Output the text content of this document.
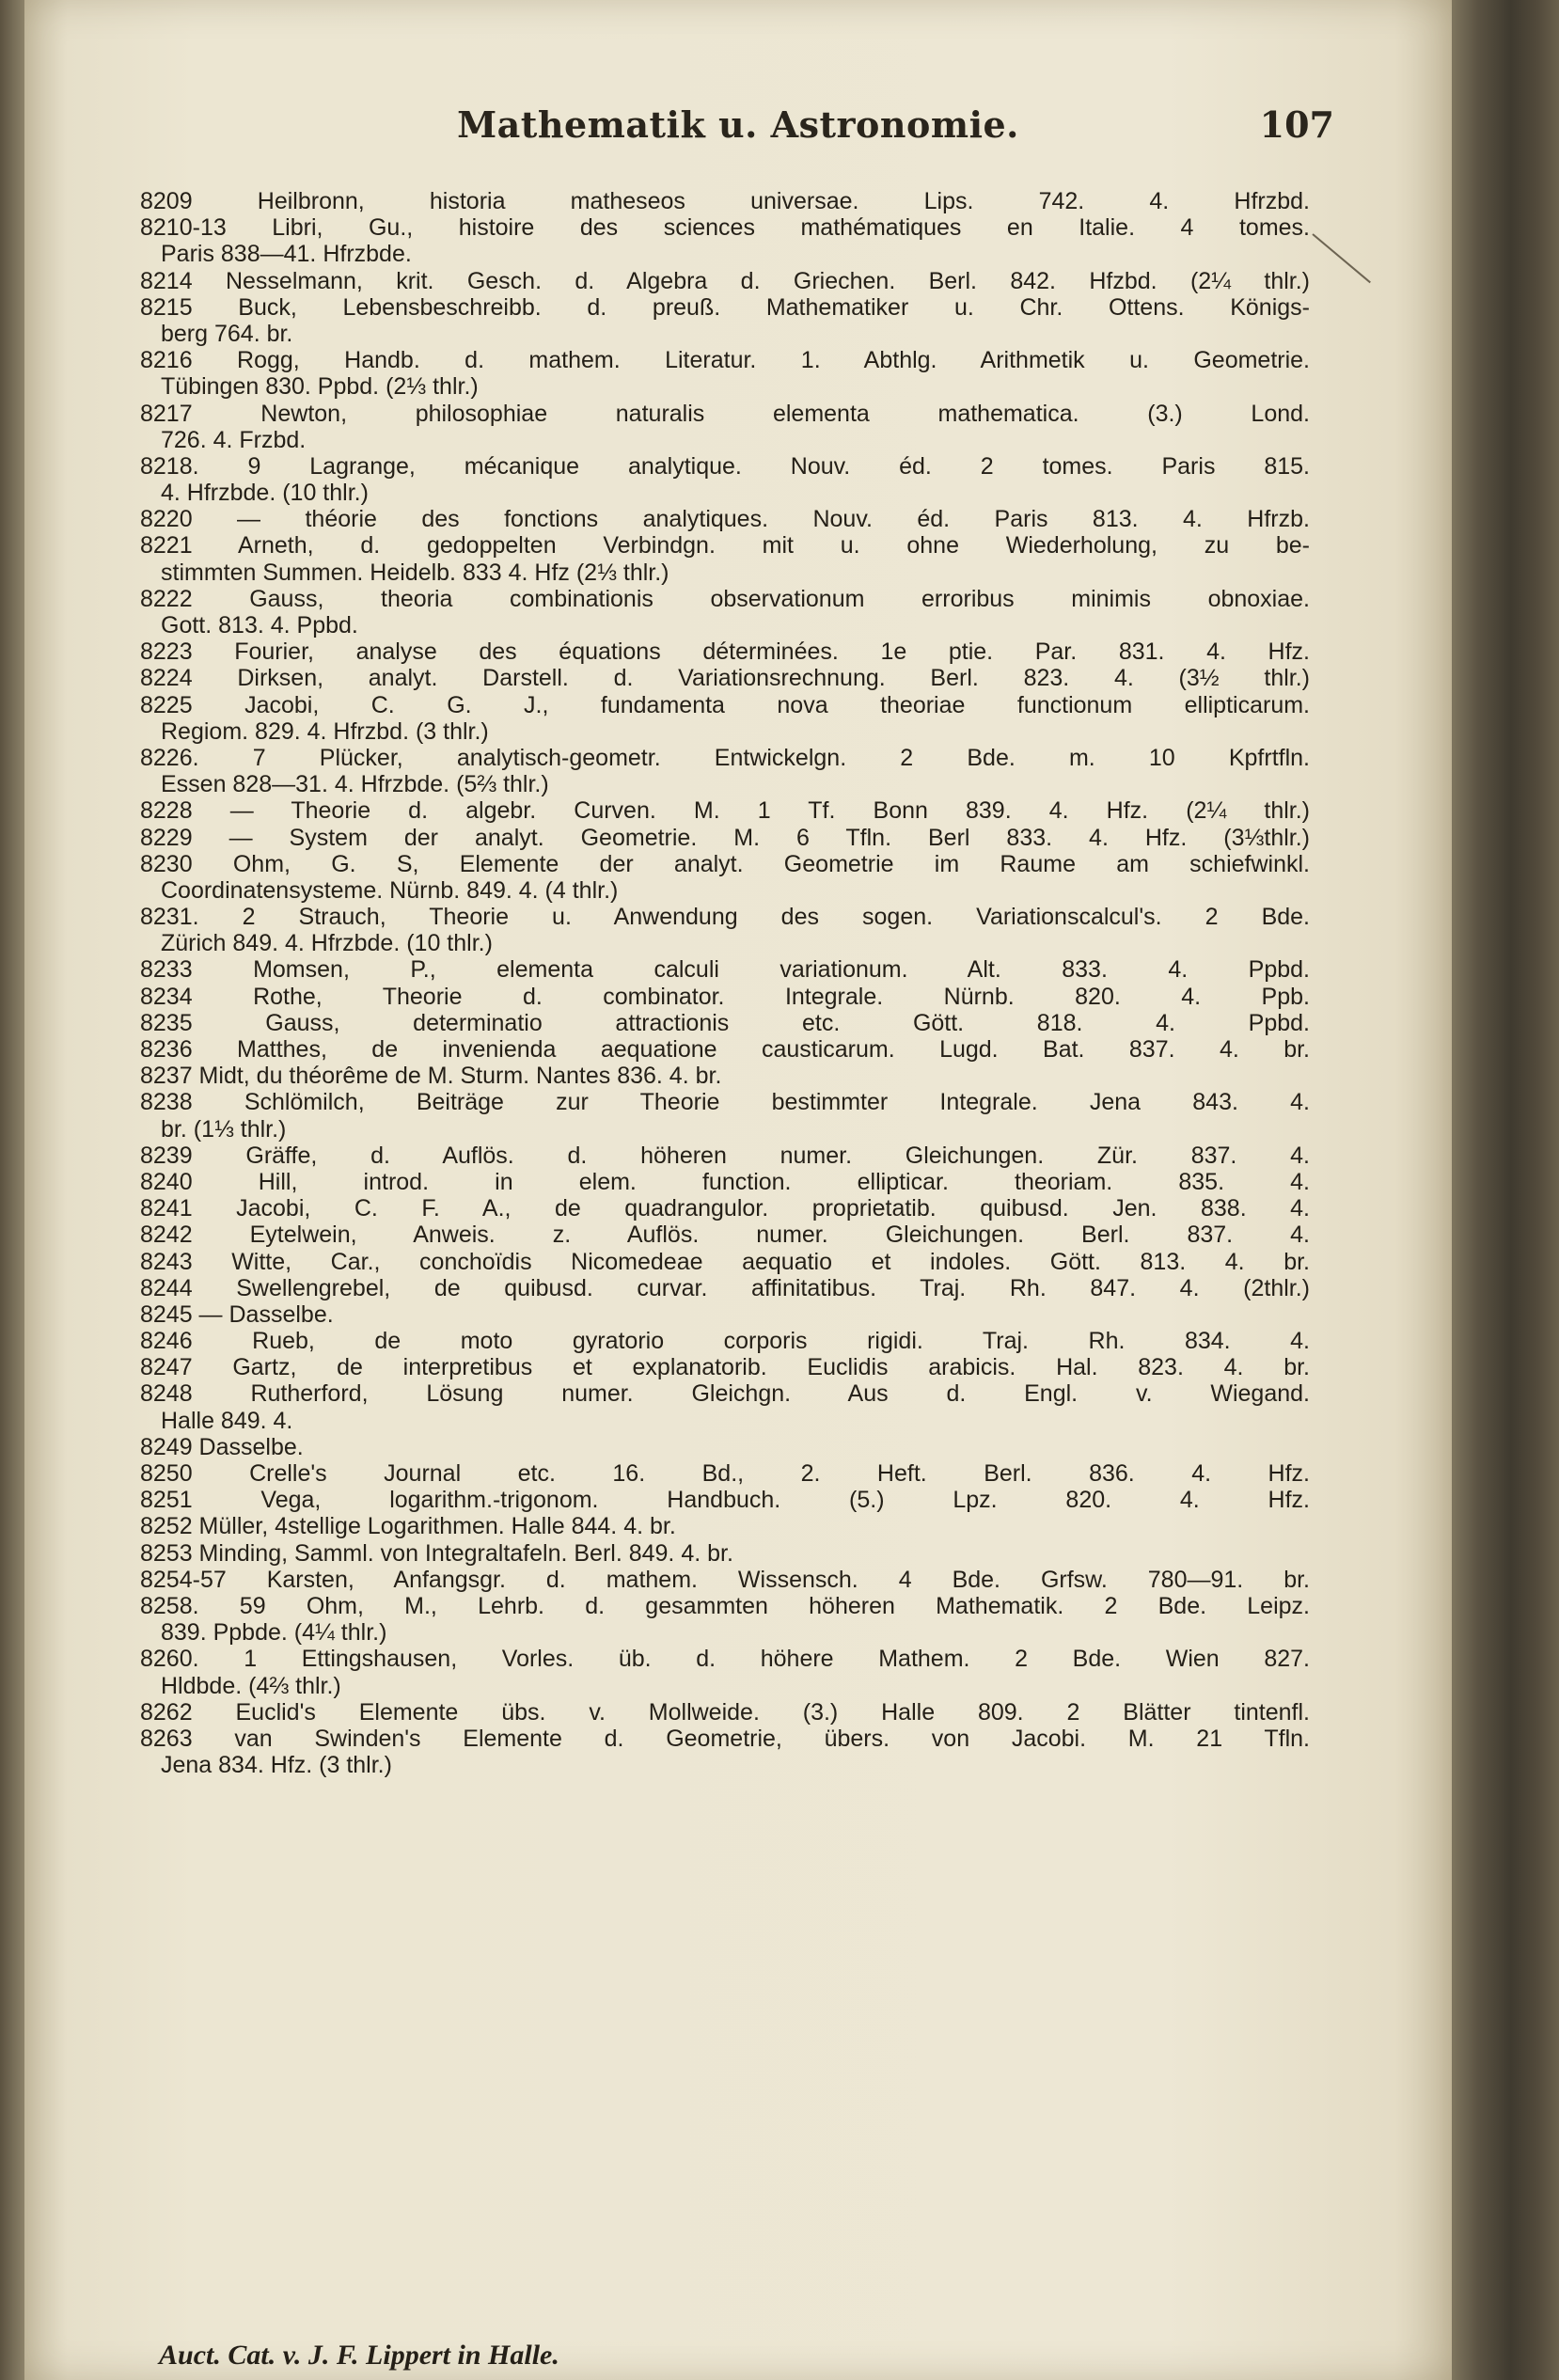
Mathematik u. Astronomie.	107
8209 Heilbronn, historia matheseos universae. Lips. 742. 4. Hfrzbd.
8210-13 Libri, Gu., histoire des sciences mathématiques en Italie. 4 tomes.
Paris 838—41. Hfrzbde.
8214 Nesselmann, krit. Gesch. d. Algebra d. Griechen. Berl. 842. Hfzbd. (2¼ thlr.)
8215 Buck, Lebensbeschreibb. d. preuß. Mathematiker u. Chr. Ottens. Königs-
berg 764. br.
8216 Rogg, Handb. d. mathem. Literatur. 1. Abthlg. Arithmetik u. Geometrie.
Tübingen 830. Ppbd. (2⅓ thlr.)
8217 Newton, philosophiae naturalis elementa mathematica. (3.) Lond.
726. 4. Frzbd.
8218. 9 Lagrange, mécanique analytique. Nouv. éd. 2 tomes. Paris 815.
4. Hfrzbde. (10 thlr.)
8220 — théorie des fonctions analytiques. Nouv. éd. Paris 813. 4. Hfrzb.
8221 Arneth, d. gedoppelten Verbindgn. mit u. ohne Wiederholung, zu be-
stimmten Summen. Heidelb. 833 4. Hfz (2⅓ thlr.)
8222 Gauss, theoria combinationis observationum erroribus minimis obnoxiae.
Gott. 813. 4. Ppbd.
8223 Fourier, analyse des équations déterminées. 1e ptie. Par. 831. 4. Hfz.
8224 Dirksen, analyt. Darstell. d. Variationsrechnung. Berl. 823. 4. (3½ thlr.)
8225 Jacobi, C. G. J., fundamenta nova theoriae functionum ellipticarum.
Regiom. 829. 4. Hfrzbd. (3 thlr.)
8226. 7 Plücker, analytisch-geometr. Entwickelgn. 2 Bde. m. 10 Kpfrtfln.
Essen 828—31. 4. Hfrzbde. (5⅔ thlr.)
8228 — Theorie d. algebr. Curven. M. 1 Tf. Bonn 839. 4. Hfz. (2¼ thlr.)
8229 — System der analyt. Geometrie. M. 6 Tfln. Berl 833. 4. Hfz. (3⅓thlr.)
8230 Ohm, G. S, Elemente der analyt. Geometrie im Raume am schiefwinkl.
Coordinatensysteme. Nürnb. 849. 4. (4 thlr.)
8231. 2 Strauch, Theorie u. Anwendung des sogen. Variationscalcul's. 2 Bde.
Zürich 849. 4. Hfrzbde. (10 thlr.)
8233 Momsen, P., elementa calculi variationum. Alt. 833. 4. Ppbd.
8234 Rothe, Theorie d. combinator. Integrale. Nürnb. 820. 4. Ppb.
8235 Gauss, determinatio attractionis etc. Gött. 818. 4. Ppbd.
8236 Matthes, de invenienda aequatione causticarum. Lugd. Bat. 837. 4. br.
8237 Midt, du théorême de M. Sturm. Nantes 836. 4. br.
8238 Schlömilch, Beiträge zur Theorie bestimmter Integrale. Jena 843. 4.
br. (1⅓ thlr.)
8239 Gräffe, d. Auflös. d. höheren numer. Gleichungen. Zür. 837. 4.
8240 Hill, introd. in elem. function. ellipticar. theoriam. 835. 4.
8241 Jacobi, C. F. A., de quadrangulor. proprietatib. quibusd. Jen. 838. 4.
8242 Eytelwein, Anweis. z. Auflös. numer. Gleichungen. Berl. 837. 4.
8243 Witte, Car., conchoïdis Nicomedeae aequatio et indoles. Gött. 813. 4. br.
8244 Swellengrebel, de quibusd. curvar. affinitatibus. Traj. Rh. 847. 4. (2thlr.)
8245 — Dasselbe.
8246 Rueb, de moto gyratorio corporis rigidi. Traj. Rh. 834. 4.
8247 Gartz, de interpretibus et explanatorib. Euclidis arabicis. Hal. 823. 4. br.
8248 Rutherford, Lösung numer. Gleichgn. Aus d. Engl. v. Wiegand.
Halle 849. 4.
8249 Dasselbe.
8250 Crelle's Journal etc. 16. Bd., 2. Heft. Berl. 836. 4. Hfz.
8251 Vega, logarithm.-trigonom. Handbuch. (5.) Lpz. 820. 4. Hfz.
8252 Müller, 4stellige Logarithmen. Halle 844. 4. br.
8253 Minding, Samml. von Integraltafeln. Berl. 849. 4. br.
8254-57 Karsten, Anfangsgr. d. mathem. Wissensch. 4 Bde. Grfsw. 780—91. br.
8258. 59 Ohm, M., Lehrb. d. gesammten höheren Mathematik. 2 Bde. Leipz.
839. Ppbde. (4¼ thlr.)
8260. 1 Ettingshausen, Vorles. üb. d. höhere Mathem. 2 Bde. Wien 827.
Hldbde. (4⅔ thlr.)
8262 Euclid's Elemente übs. v. Mollweide. (3.) Halle 809. 2 Blätter tintenfl.
8263 van Swinden's Elemente d. Geometrie, übers. von Jacobi. M. 21 Tfln.
Jena 834. Hfz. (3 thlr.)
Auct. Cat. v. J. F. Lippert in Halle.
